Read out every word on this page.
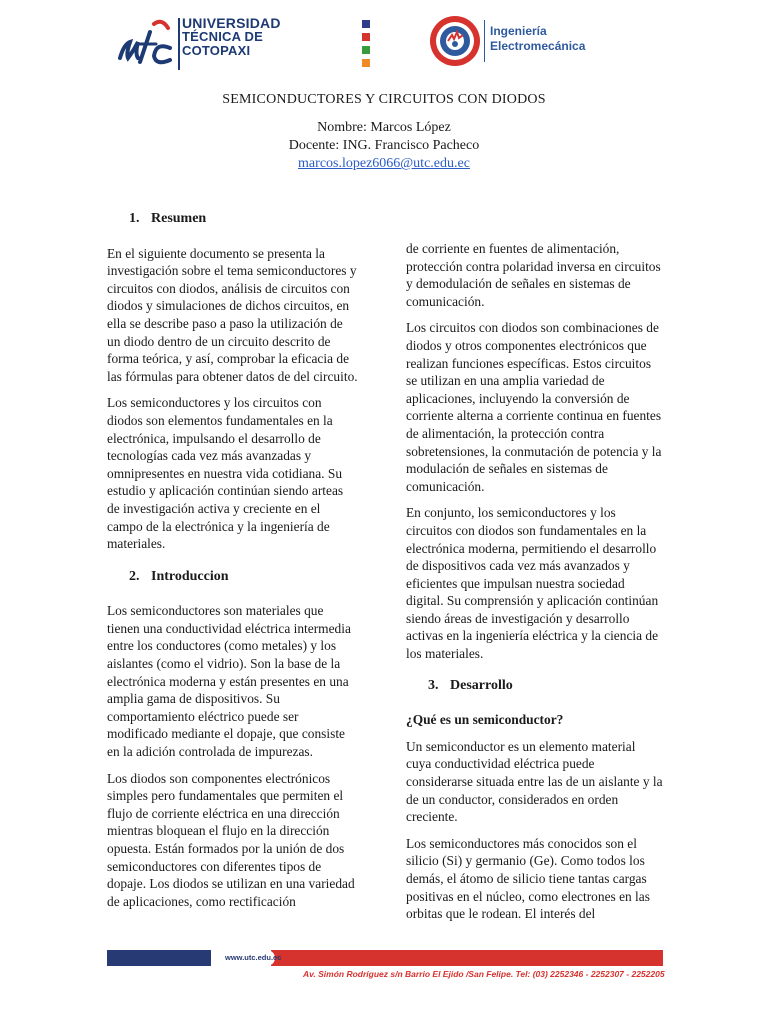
UNIVERSIDAD
TÉCNICA DE
COTOPAXI
Ingeniería
Electromecánica
SEMICONDUCTORES Y CIRCUITOS CON DIODOS
Nombre: Marcos López
Docente: ING. Francisco Pacheco
marcos.lopez6066@utc.edu.ec
1. Resumen

En el siguiente documento se presenta la investigación sobre el tema semiconductores y circuitos con diodos, análisis de circuitos con diodos y simulaciones de dichos circuitos, en ella se describe paso a paso la utilización de un diodo dentro de un circuito descrito de forma teórica, y así, comprobar la eficacia de las fórmulas para obtener datos de del circuito.

Los semiconductores y los circuitos con diodos son elementos fundamentales en la electrónica, impulsando el desarrollo de tecnologías cada vez más avanzadas y omnipresentes en nuestra vida cotidiana. Su estudio y aplicación continúan siendo arteas de investigación activa y creciente en el campo de la electrónica y la ingeniería de materiales.

2. Introduccion

Los semiconductores son materiales que tienen una conductividad eléctrica intermedia entre los conductores (como metales) y los aislantes (como el vidrio). Son la base de la electrónica moderna y están presentes en una amplia gama de dispositivos. Su comportamiento eléctrico puede ser modificado mediante el dopaje, que consiste en la adición controlada de impurezas.

Los diodos son componentes electrónicos simples pero fundamentales que permiten el flujo de corriente eléctrica en una dirección mientras bloquean el flujo en la dirección opuesta. Están formados por la unión de dos semiconductores con diferentes tipos de dopaje. Los diodos se utilizan en una variedad de aplicaciones, como rectificación

de corriente en fuentes de alimentación, protección contra polaridad inversa en circuitos y demodulación de señales en sistemas de comunicación.

Los circuitos con diodos son combinaciones de diodos y otros componentes electrónicos que realizan funciones específicas. Estos circuitos se utilizan en una amplia variedad de aplicaciones, incluyendo la conversión de corriente alterna a corriente continua en fuentes de alimentación, la protección contra sobretensiones, la conmutación de potencia y la modulación de señales en sistemas de comunicación.

En conjunto, los semiconductores y los circuitos con diodos son fundamentales en la electrónica moderna, permitiendo el desarrollo de dispositivos cada vez más avanzados y eficientes que impulsan nuestra sociedad digital. Su comprensión y aplicación continúan siendo áreas de investigación y desarrollo activas en la ingeniería eléctrica y la ciencia de los materiales.

3. Desarrollo
¿Qué es un semiconductor?

Un semiconductor es un elemento material cuya conductividad eléctrica puede considerarse situada entre las de un aislante y la de un conductor, considerados en orden creciente.

Los semiconductores más conocidos son el silicio (Si) y germanio (Ge). Como todos los demás, el átomo de silicio tiene tantas cargas positivas en el núcleo, como electrones en las orbitas que le rodean. El interés del

www.utc.edu.ec
Av. Simón Rodríguez s/n Barrio El Ejido /San Felipe. Tel: (03) 2252346 - 2252307 - 2252205
